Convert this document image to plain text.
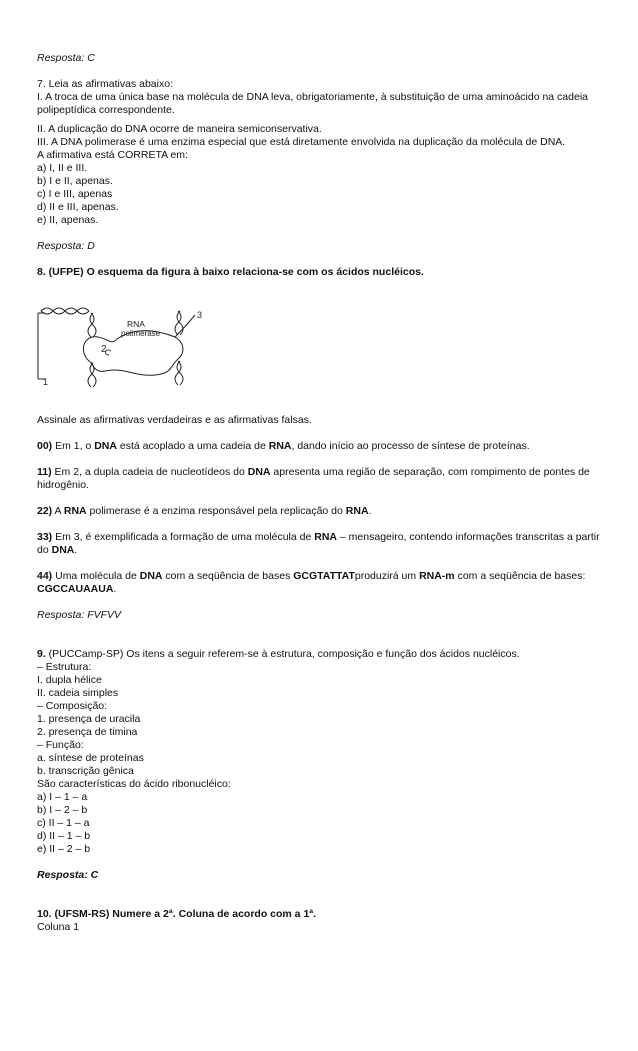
Resposta: C
7. Leia as afirmativas abaixo:
I. A troca de uma única base na molécula de DNA leva, obrigatoriamente, à substituição de uma aminoácido na cadeia polipeptídica correspondente.
II. A duplicação do DNA ocorre de maneira semiconservativa.
III. A DNA polimerase é uma enzima especial que está diretamente envolvida na duplicação da molécula de DNA.
A afirmativa está CORRETA em:
a) I, II e III.
b) I e II, apenas.
c) I e III, apenas
d) II e III, apenas.
e) II, apenas.
Resposta: D
8. (UFPE) O esquema da figura à baixo relaciona-se com os ácidos nucléicos.
RNA
polimerase
2
1
3
Assinale as afirmativas verdadeiras e as afirmativas falsas.
00) Em 1, o DNA está acoplado a uma cadeia de RNA, dando início ao processo de síntese de proteínas.
11) Em 2, a dupla cadeia de nucleotídeos do DNA apresenta uma região de separação, com rompimento de pontes de hidrogênio.
22) A RNA polimerase é a enzima responsável pela replicação do RNA.
33) Em 3, é exemplificada a formação de uma molécula de RNA – mensageiro, contendo informações transcritas a partir do DNA.
44) Uma molécula de DNA com a seqüência de bases GCGTATTATproduzirá um RNA-m com a seqüência de bases: CGCCAUAAUA.
Resposta: FVFVV
9. (PUCCamp-SP) Os itens a seguir referem-se à estrutura, composição e função dos ácidos nucléicos.
– Estrutura:
I. dupla hélice
II. cadeia simples
– Composição:
1. presença de uracila
2. presença de timina
– Função:
a. síntese de proteínas
b. transcrição gênica
São características do ácido ribonucléico:
a) I – 1 – a
b) I – 2 – b
c) II – 1 – a
d) II – 1 – b
e) II – 2 – b
Resposta: C
10. (UFSM-RS) Numere a 2ª. Coluna de acordo com a 1ª.
Coluna 1
